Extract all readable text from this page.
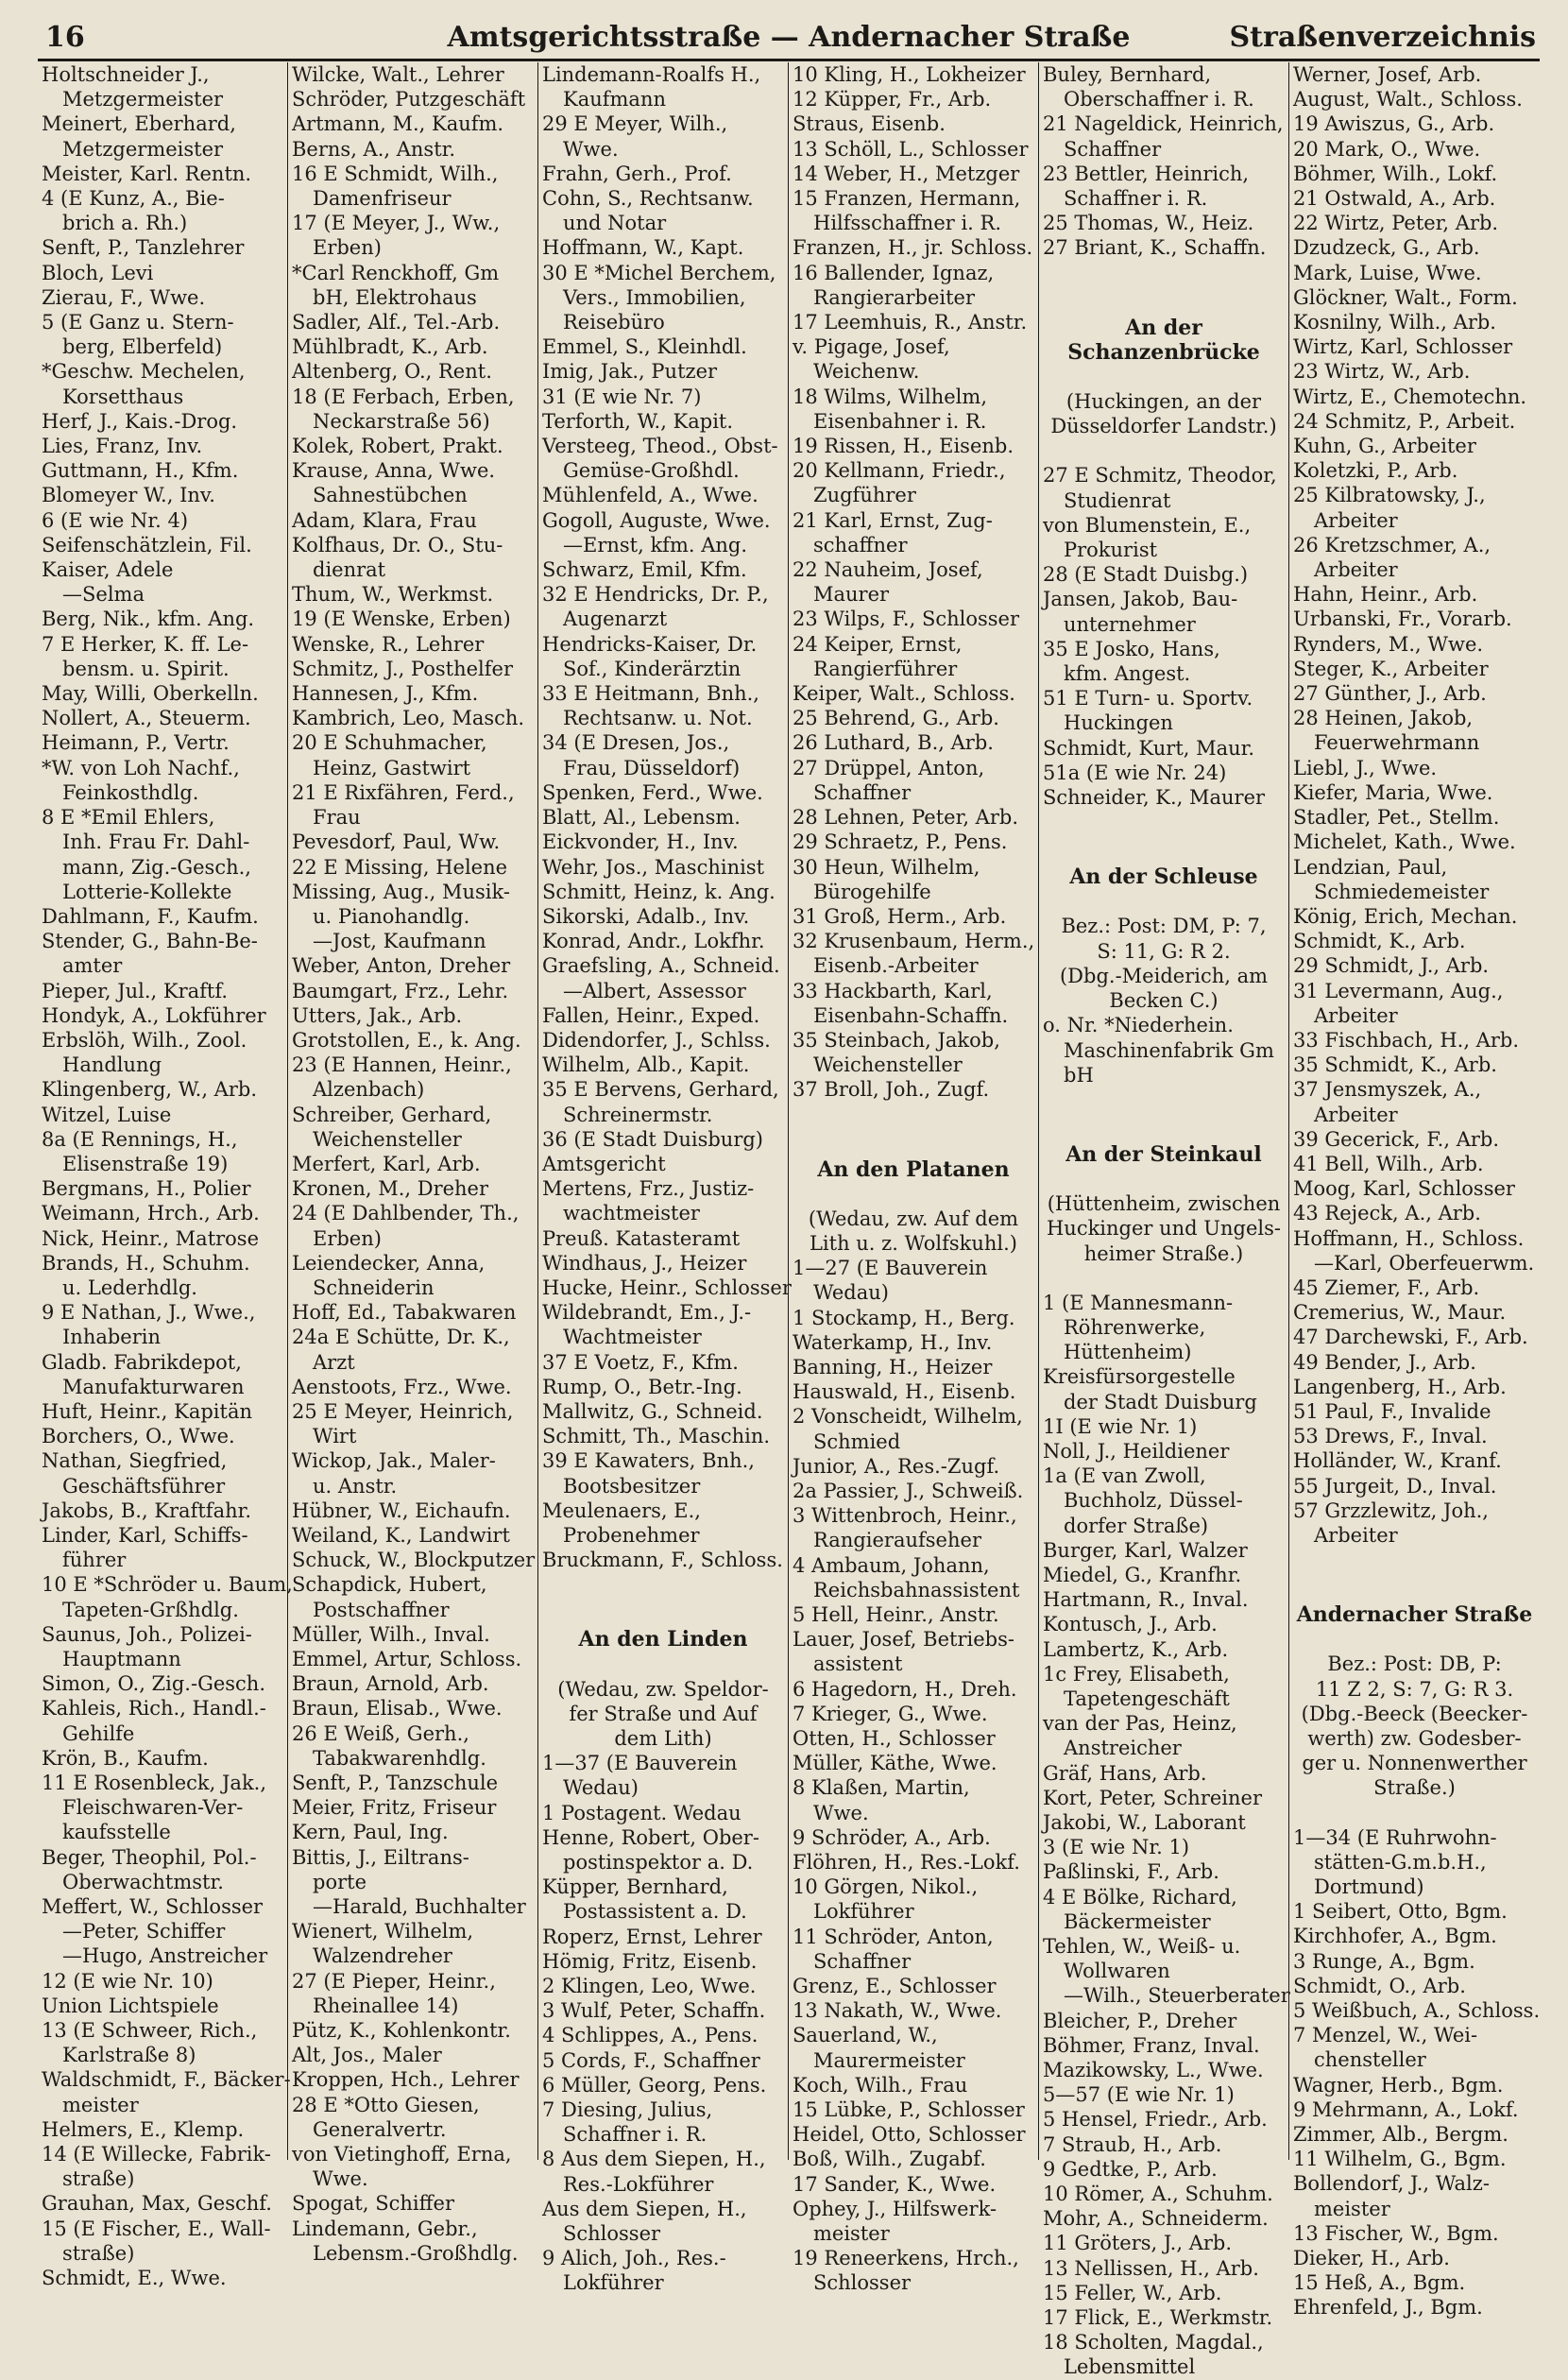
16	Amtsgerichtsstraße — Andernacher Straße	Straßenverzeichnis
Holtschneider J.,
Metzgermeister
Meinert, Eberhard,
Metzgermeister
Meister, Karl. Rentn.
4 (E Kunz, A., Bie-
brich a. Rh.)
Senft, P., Tanzlehrer
Bloch, Levi
Zierau, F., Wwe.
5 (E Ganz u. Stern-
berg, Elberfeld)
*Geschw. Mechelen,
Korsetthaus
Herf, J., Kais.-Drog.
Lies, Franz, Inv.
Guttmann, H., Kfm.
Blomeyer W., Inv.
6 (E wie Nr. 4)
Seifenschätzlein, Fil.
Kaiser, Adele
—Selma
Berg, Nik., kfm. Ang.
7 E Herker, K. ff. Le-
bensm. u. Spirit.
May, Willi, Oberkelln.
Nollert, A., Steuerm.
Heimann, P., Vertr.
*W. von Loh Nachf.,
Feinkosthdlg.
8 E *Emil Ehlers,
Inh. Frau Fr. Dahl-
mann, Zig.-Gesch.,
Lotterie-Kollekte
Dahlmann, F., Kaufm.
Stender, G., Bahn-Be-
amter
Pieper, Jul., Kraftf.
Hondyk, A., Lokführer
Erbslöh, Wilh., Zool.
Handlung
Klingenberg, W., Arb.
Witzel, Luise
8a (E Rennings, H.,
Elisenstraße 19)
Bergmans, H., Polier
Weimann, Hrch., Arb.
Nick, Heinr., Matrose
Brands, H., Schuhm.
u. Lederhdlg.
9 E Nathan, J., Wwe.,
Inhaberin
Gladb. Fabrikdepot,
Manufakturwaren
Huft, Heinr., Kapitän
Borchers, O., Wwe.
Nathan, Siegfried,
Geschäftsführer
Jakobs, B., Kraftfahr.
Linder, Karl, Schiffs-
führer
10 E *Schröder u. Baum,
Tapeten-Grßhdlg.
Saunus, Joh., Polizei-
Hauptmann
Simon, O., Zig.-Gesch.
Kahleis, Rich., Handl.-
Gehilfe
Krön, B., Kaufm.
11 E Rosenbleck, Jak.,
Fleischwaren-Ver-
kaufsstelle
Beger, Theophil, Pol.-
Oberwachtmstr.
Meffert, W., Schlosser
—Peter, Schiffer
—Hugo, Anstreicher
12 (E wie Nr. 10)
Union Lichtspiele
13 (E Schweer, Rich.,
Karlstraße 8)
Waldschmidt, F., Bäcker-
meister
Helmers, E., Klemp.
14 (E Willecke, Fabrik-
straße)
Grauhan, Max, Geschf.
15 (E Fischer, E., Wall-
straße)
Schmidt, E., Wwe.
Wilcke, Walt., Lehrer
Schröder, Putzgeschäft
Artmann, M., Kaufm.
Berns, A., Anstr.
16 E Schmidt, Wilh.,
Damenfriseur
17 (E Meyer, J., Ww.,
Erben)
*Carl Renckhoff, Gm
bH, Elektrohaus
Sadler, Alf., Tel.-Arb.
Mühlbradt, K., Arb.
Altenberg, O., Rent.
18 (E Ferbach, Erben,
Neckarstraße 56)
Kolek, Robert, Prakt.
Krause, Anna, Wwe.
Sahnestübchen
Adam, Klara, Frau
Kolfhaus, Dr. O., Stu-
dienrat
Thum, W., Werkmst.
19 (E Wenske, Erben)
Wenske, R., Lehrer
Schmitz, J., Posthelfer
Hannesen, J., Kfm.
Kambrich, Leo, Masch.
20 E Schuhmacher,
Heinz, Gastwirt
21 E Rixfähren, Ferd.,
Frau
Pevesdorf, Paul, Ww.
22 E Missing, Helene
Missing, Aug., Musik-
u. Pianohandlg.
—Jost, Kaufmann
Weber, Anton, Dreher
Baumgart, Frz., Lehr.
Utters, Jak., Arb.
Grotstollen, E., k. Ang.
23 (E Hannen, Heinr.,
Alzenbach)
Schreiber, Gerhard,
Weichensteller
Merfert, Karl, Arb.
Kronen, M., Dreher
24 (E Dahlbender, Th.,
Erben)
Leiendecker, Anna,
Schneiderin
Hoff, Ed., Tabakwaren
24a E Schütte, Dr. K.,
Arzt
Aenstoots, Frz., Wwe.
25 E Meyer, Heinrich,
Wirt
Wickop, Jak., Maler-
u. Anstr.
Hübner, W., Eichaufn.
Weiland, K., Landwirt
Schuck, W., Blockputzer
Schapdick, Hubert,
Postschaffner
Müller, Wilh., Inval.
Emmel, Artur, Schloss.
Braun, Arnold, Arb.
Braun, Elisab., Wwe.
26 E Weiß, Gerh.,
Tabakwarenhdlg.
Senft, P., Tanzschule
Meier, Fritz, Friseur
Kern, Paul, Ing.
Bittis, J., Eiltrans-
porte
—Harald, Buchhalter
Wienert, Wilhelm,
Walzendreher
27 (E Pieper, Heinr.,
Rheinallee 14)
Pütz, K., Kohlenkontr.
Alt, Jos., Maler
Kroppen, Hch., Lehrer
28 E *Otto Giesen,
Generalvertr.
von Vietinghoff, Erna,
Wwe.
Spogat, Schiffer
Lindemann, Gebr.,
Lebensm.-Großhdlg.
Lindemann-Roalfs H.,
Kaufmann
29 E Meyer, Wilh.,
Wwe.
Frahn, Gerh., Prof.
Cohn, S., Rechtsanw.
und Notar
Hoffmann, W., Kapt.
30 E *Michel Berchem,
Vers., Immobilien,
Reisebüro
Emmel, S., Kleinhdl.
Imig, Jak., Putzer
31 (E wie Nr. 7)
Terforth, W., Kapit.
Versteeg, Theod., Obst-
Gemüse-Großhdl.
Mühlenfeld, A., Wwe.
Gogoll, Auguste, Wwe.
—Ernst, kfm. Ang.
Schwarz, Emil, Kfm.
32 E Hendricks, Dr. P.,
Augenarzt
Hendricks-Kaiser, Dr.
Sof., Kinderärztin
33 E Heitmann, Bnh.,
Rechtsanw. u. Not.
34 (E Dresen, Jos.,
Frau, Düsseldorf)
Spenken, Ferd., Wwe.
Blatt, Al., Lebensm.
Eickvonder, H., Inv.
Wehr, Jos., Maschinist
Schmitt, Heinz, k. Ang.
Sikorski, Adalb., Inv.
Konrad, Andr., Lokfhr.
Graefsling, A., Schneid.
—Albert, Assessor
Fallen, Heinr., Exped.
Didendorfer, J., Schlss.
Wilhelm, Alb., Kapit.
35 E Bervens, Gerhard,
Schreinermstr.
36 (E Stadt Duisburg)
Amtsgericht
Mertens, Frz., Justiz-
wachtmeister
Preuß. Katasteramt
Windhaus, J., Heizer
Hucke, Heinr., Schlosser
Wildebrandt, Em., J.-
Wachtmeister
37 E Voetz, F., Kfm.
Rump, O., Betr.-Ing.
Mallwitz, G., Schneid.
Schmitt, Th., Maschin.
39 E Kawaters, Bnh.,
Bootsbesitzer
Meulenaers, E.,
Probenehmer
Bruckmann, F., Schloss.
An den Linden
(Wedau, zw. Speldor-
fer Straße und Auf
dem Lith)
1—37 (E Bauverein
Wedau)
1 Postagent. Wedau
Henne, Robert, Ober-
postinspektor a. D.
Küpper, Bernhard,
Postassistent a. D.
Roperz, Ernst, Lehrer
Hömig, Fritz, Eisenb.
2 Klingen, Leo, Wwe.
3 Wulf, Peter, Schaffn.
4 Schlippes, A., Pens.
5 Cords, F., Schaffner
6 Müller, Georg, Pens.
7 Diesing, Julius,
Schaffner i. R.
8 Aus dem Siepen, H.,
Res.-Lokführer
Aus dem Siepen, H.,
Schlosser
9 Alich, Joh., Res.-
Lokführer
10 Kling, H., Lokheizer
12 Küpper, Fr., Arb.
Straus, Eisenb.
13 Schöll, L., Schlosser
14 Weber, H., Metzger
15 Franzen, Hermann,
Hilfsschaffner i. R.
Franzen, H., jr. Schloss.
16 Ballender, Ignaz,
Rangierarbeiter
17 Leemhuis, R., Anstr.
v. Pigage, Josef,
Weichenw.
18 Wilms, Wilhelm,
Eisenbahner i. R.
19 Rissen, H., Eisenb.
20 Kellmann, Friedr.,
Zugführer
21 Karl, Ernst, Zug-
schaffner
22 Nauheim, Josef,
Maurer
23 Wilps, F., Schlosser
24 Keiper, Ernst,
Rangierführer
Keiper, Walt., Schloss.
25 Behrend, G., Arb.
26 Luthard, B., Arb.
27 Drüppel, Anton,
Schaffner
28 Lehnen, Peter, Arb.
29 Schraetz, P., Pens.
30 Heun, Wilhelm,
Bürogehilfe
31 Groß, Herm., Arb.
32 Krusenbaum, Herm.,
Eisenb.-Arbeiter
33 Hackbarth, Karl,
Eisenbahn-Schaffn.
35 Steinbach, Jakob,
Weichensteller
37 Broll, Joh., Zugf.
An den Platanen
(Wedau, zw. Auf dem
Lith u. z. Wolfskuhl.)
1—27 (E Bauverein
Wedau)
1 Stockamp, H., Berg.
Waterkamp, H., Inv.
Banning, H., Heizer
Hauswald, H., Eisenb.
2 Vonscheidt, Wilhelm,
Schmied
Junior, A., Res.-Zugf.
2a Passier, J., Schweiß.
3 Wittenbroch, Heinr.,
Rangieraufseher
4 Ambaum, Johann,
Reichsbahnassistent
5 Hell, Heinr., Anstr.
Lauer, Josef, Betriebs-
assistent
6 Hagedorn, H., Dreh.
7 Krieger, G., Wwe.
Otten, H., Schlosser
Müller, Käthe, Wwe.
8 Klaßen, Martin,
Wwe.
9 Schröder, A., Arb.
Flöhren, H., Res.-Lokf.
10 Görgen, Nikol.,
Lokführer
11 Schröder, Anton,
Schaffner
Grenz, E., Schlosser
13 Nakath, W., Wwe.
Sauerland, W.,
Maurermeister
Koch, Wilh., Frau
15 Lübke, P., Schlosser
Heidel, Otto, Schlosser
Boß, Wilh., Zugabf.
17 Sander, K., Wwe.
Ophey, J., Hilfswerk-
meister
19 Reneerkens, Hrch.,
Schlosser
Buley, Bernhard,
Oberschaffner i. R.
21 Nageldick, Heinrich,
Schaffner
23 Bettler, Heinrich,
Schaffner i. R.
25 Thomas, W., Heiz.
27 Briant, K., Schaffn.
An der Schanzenbrücke
(Huckingen, an der
Düsseldorfer Landstr.)
27 E Schmitz, Theodor,
Studienrat
von Blumenstein, E.,
Prokurist
28 (E Stadt Duisbg.)
Jansen, Jakob, Bau-
unternehmer
35 E Josko, Hans,
kfm. Angest.
51 E Turn- u. Sportv.
Huckingen
Schmidt, Kurt, Maur.
51a (E wie Nr. 24)
Schneider, K., Maurer
An der Schleuse
Bez.: Post: DM, P: 7,
S: 11, G: R 2.
(Dbg.-Meiderich, am
Becken C.)
o. Nr. *Niederhein.
Maschinenfabrik Gm
bH
An der Steinkaul
(Hüttenheim, zwischen
Huckinger und Ungels-
heimer Straße.)
1 (E Mannesmann-
Röhrenwerke,
Hüttenheim)
Kreisfürsorgestelle
der Stadt Duisburg
1I (E wie Nr. 1)
Noll, J., Heildiener
1a (E van Zwoll,
Buchholz, Düssel-
dorfer Straße)
Burger, Karl, Walzer
Miedel, G., Kranfhr.
Hartmann, R., Inval.
Kontusch, J., Arb.
Lambertz, K., Arb.
1c Frey, Elisabeth,
Tapetengeschäft
van der Pas, Heinz,
Anstreicher
Gräf, Hans, Arb.
Kort, Peter, Schreiner
Jakobi, W., Laborant
3 (E wie Nr. 1)
Paßlinski, F., Arb.
4 E Bölke, Richard,
Bäckermeister
Tehlen, W., Weiß- u.
Wollwaren
—Wilh., Steuerberater
Bleicher, P., Dreher
Böhmer, Franz, Inval.
Mazikowsky, L., Wwe.
5—57 (E wie Nr. 1)
5 Hensel, Friedr., Arb.
7 Straub, H., Arb.
9 Gedtke, P., Arb.
10 Römer, A., Schuhm.
Mohr, A., Schneiderm.
11 Gröters, J., Arb.
13 Nellissen, H., Arb.
15 Feller, W., Arb.
17 Flick, E., Werkmstr.
18 Scholten, Magdal.,
Lebensmittel
Werner, Josef, Arb.
August, Walt., Schloss.
19 Awiszus, G., Arb.
20 Mark, O., Wwe.
Böhmer, Wilh., Lokf.
21 Ostwald, A., Arb.
22 Wirtz, Peter, Arb.
Dzudzeck, G., Arb.
Mark, Luise, Wwe.
Glöckner, Walt., Form.
Kosnilny, Wilh., Arb.
Wirtz, Karl, Schlosser
23 Wirtz, W., Arb.
Wirtz, E., Chemotechn.
24 Schmitz, P., Arbeit.
Kuhn, G., Arbeiter
Koletzki, P., Arb.
25 Kilbratowsky, J.,
Arbeiter
26 Kretzschmer, A.,
Arbeiter
Hahn, Heinr., Arb.
Urbanski, Fr., Vorarb.
Rynders, M., Wwe.
Steger, K., Arbeiter
27 Günther, J., Arb.
28 Heinen, Jakob,
Feuerwehrmann
Liebl, J., Wwe.
Kiefer, Maria, Wwe.
Stadler, Pet., Stellm.
Michelet, Kath., Wwe.
Lendzian, Paul,
Schmiedemeister
König, Erich, Mechan.
Schmidt, K., Arb.
29 Schmidt, J., Arb.
31 Levermann, Aug.,
Arbeiter
33 Fischbach, H., Arb.
35 Schmidt, K., Arb.
37 Jensmyszek, A.,
Arbeiter
39 Gecerick, F., Arb.
41 Bell, Wilh., Arb.
Moog, Karl, Schlosser
43 Rejeck, A., Arb.
Hoffmann, H., Schloss.
—Karl, Oberfeuerwm.
45 Ziemer, F., Arb.
Cremerius, W., Maur.
47 Darchewski, F., Arb.
49 Bender, J., Arb.
Langenberg, H., Arb.
51 Paul, F., Invalide
53 Drews, F., Inval.
Holländer, W., Kranf.
55 Jurgeit, D., Inval.
57 Grzzlewitz, Joh.,
Arbeiter
Andernacher Straße
Bez.: Post: DB, P:
11 Z 2, S: 7, G: R 3.
(Dbg.-Beeck (Beecker-
werth) zw. Godesber-
ger u. Nonnenwerther
Straße.)
1—34 (E Ruhrwohn-
stätten-G.m.b.H.,
Dortmund)
1 Seibert, Otto, Bgm.
Kirchhofer, A., Bgm.
3 Runge, A., Bgm.
Schmidt, O., Arb.
5 Weißbuch, A., Schloss.
7 Menzel, W., Wei-
chensteller
Wagner, Herb., Bgm.
9 Mehrmann, A., Lokf.
Zimmer, Alb., Bergm.
11 Wilhelm, G., Bgm.
Bollendorf, J., Walz-
meister
13 Fischer, W., Bgm.
Dieker, H., Arb.
15 Heß, A., Bgm.
Ehrenfeld, J., Bgm.
